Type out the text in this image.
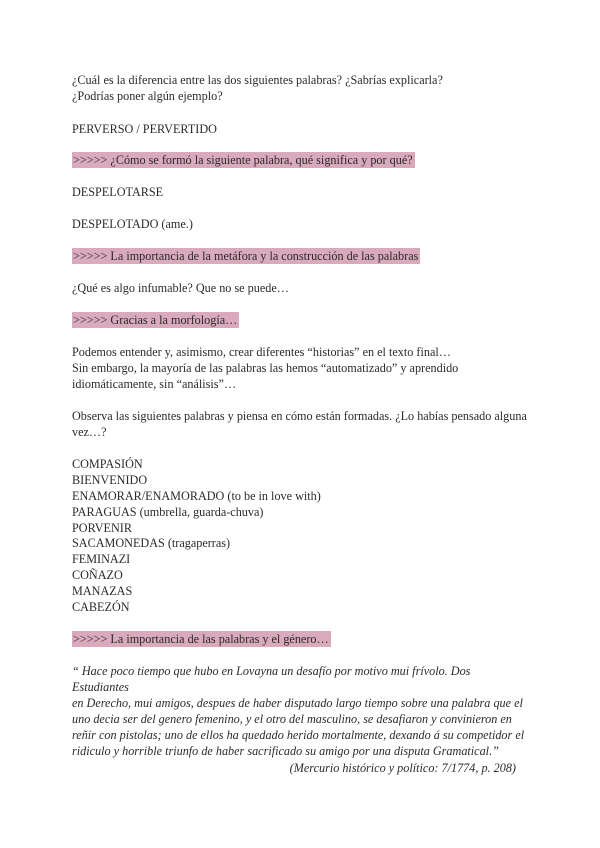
¿Cuál es la diferencia entre las dos siguientes palabras? ¿Sabrías explicarla?
¿Podrías poner algún ejemplo?
PERVERSO / PERVERTIDO
>>>>> ¿Cómo se formó la siguiente palabra, qué significa y por qué?
DESPELOTARSE
DESPELOTADO (ame.)
>>>>> La importancia de la metáfora y la construcción de las palabras
¿Qué es algo infumable? Que no se puede…
>>>>> Gracias a la morfología…
Podemos entender y, asimismo, crear diferentes “historias” en el texto final…
Sin embargo, la mayoría de las palabras las hemos “automatizado” y aprendido
idiomáticamente, sin “análisis”…
Observa las siguientes palabras y piensa en cómo están formadas. ¿Lo habías pensado alguna
vez…?
COMPASIÓN
BIENVENIDO
ENAMORAR/ENAMORADO (to be in love with)
PARAGUAS (umbrella, guarda-chuva)
PORVENIR
SACAMONEDAS (tragaperras)
FEMINAZI
COÑAZO
MANAZAS
CABEZÓN
>>>>> La importancia de las palabras y el género…
“ Hace poco tiempo que hubo en Lovayna un desafío por motivo mui frívolo. Dos Estudiantes
en Derecho, mui amigos, despues de haber disputado largo tiempo sobre una palabra que el
uno decia ser del genero femenino, y el otro del masculino, se desafiaron y convinieron en
reñir con pistolas; uno de ellos ha quedado herido mortalmente, dexando á su competidor el
ridiculo y horrible triunfo de haber sacrificado su amigo por una disputa Gramatical.”
(Mercurio histórico y político: 7/1774, p. 208)
